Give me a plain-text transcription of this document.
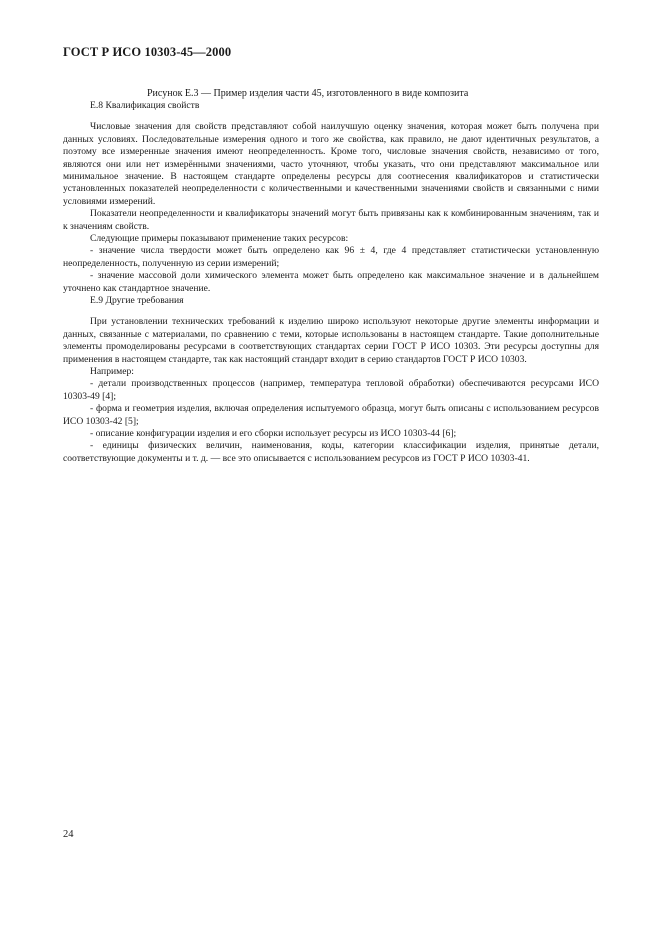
ГОСТ Р ИСО 10303-45—2000
Рисунок Е.3 — Пример изделия части 45, изготовленного в виде композита

Е.8 Квалификация свойств

Числовые значения для свойств представляют собой наилучшую оценку значения, которая может быть получена при данных условиях. Последовательные измерения одного и того же свойства, как правило, не дают идентичных результатов, а поэтому все измеренные значения имеют неопределенность. Кроме того, числовые значения свойств, независимо от того, являются они или нет измерёнными значениями, часто уточняют, чтобы указать, что они представляют максимальное или минимальное значение. В настоящем стандарте определены ресурсы для соотнесения квалификаторов и статистически установленных показателей неопределенности с количественными и качественными значениями свойств и связанными с ними условиями измерений.

Показатели неопределенности и квалификаторы значений могут быть привязаны как к комбинированным значениям, так и к значениям свойств.

Следующие примеры показывают применение таких ресурсов:

- значение числа твердости может быть определено как 96 ± 4, где 4 представляет статистически установленную неопределенность, полученную из серии измерений;

- значение массовой доли химического элемента может быть определено как максимальное значение и в дальнейшем уточнено как стандартное значение.

Е.9 Другие требования

При установлении технических требований к изделию широко используют некоторые другие элементы информации и данных, связанные с материалами, по сравнению с теми, которые использованы в настоящем стандарте. Такие дополнительные элементы промоделированы ресурсами в соответствующих стандартах серии ГОСТ Р ИСО 10303. Эти ресурсы доступны для применения в настоящем стандарте, так как настоящий стандарт входит в серию стандартов ГОСТ Р ИСО 10303.

Например:

- детали производственных процессов (например, температура тепловой обработки) обеспечиваются ресурсами ИСО 10303-49 [4];

- форма и геометрия изделия, включая определения испытуемого образца, могут быть описаны с использованием ресурсов ИСО 10303-42 [5];

- описание конфигурации изделия и его сборки использует ресурсы из ИСО 10303-44 [6];

- единицы физических величин, наименования, коды, категории классификации изделия, принятые детали, соответствующие документы и т. д. — все это описывается с использованием ресурсов из ГОСТ Р ИСО 10303-41.

24
